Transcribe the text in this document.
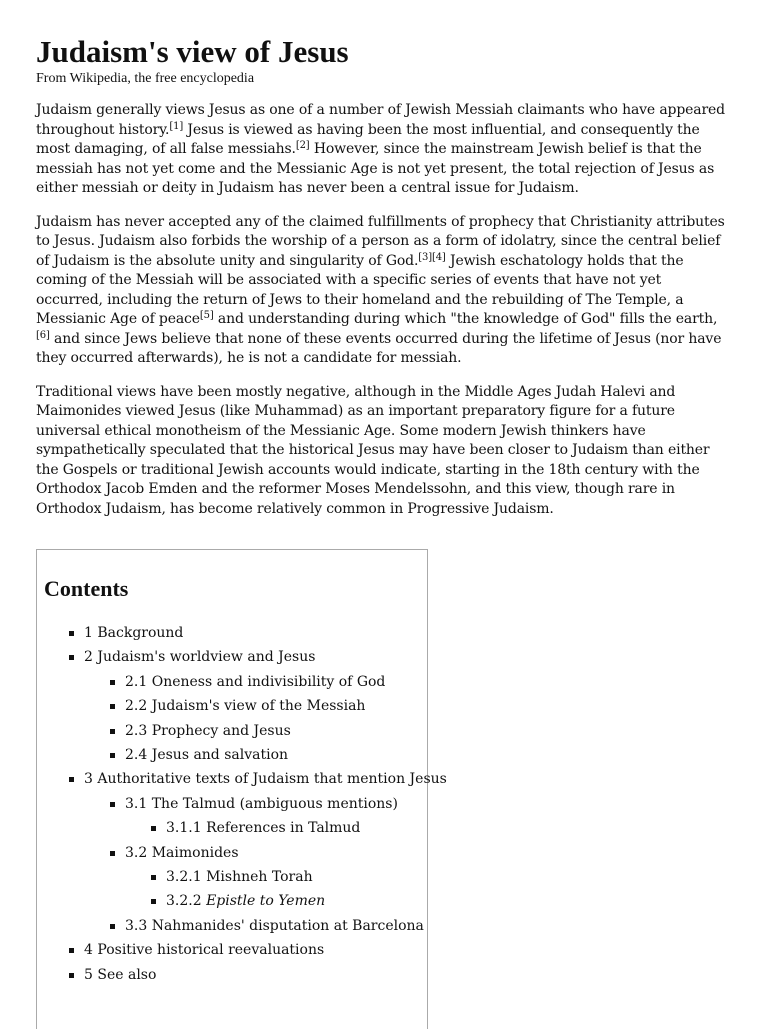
Judaism's view of Jesus
From Wikipedia, the free encyclopedia

Judaism generally views Jesus as one of a number of Jewish Messiah claimants who have appeared throughout history.[1] Jesus is viewed as having been the most influential, and consequently the most damaging, of all false messiahs.[2] However, since the mainstream Jewish belief is that the messiah has not yet come and the Messianic Age is not yet present, the total rejection of Jesus as either messiah or deity in Judaism has never been a central issue for Judaism.

Judaism has never accepted any of the claimed fulfillments of prophecy that Christianity attributes to Jesus. Judaism also forbids the worship of a person as a form of idolatry, since the central belief of Judaism is the absolute unity and singularity of God.[3][4] Jewish eschatology holds that the coming of the Messiah will be associated with a specific series of events that have not yet occurred, including the return of Jews to their homeland and the rebuilding of The Temple, a Messianic Age of peace[5] and understanding during which "the knowledge of God" fills the earth,[6] and since Jews believe that none of these events occurred during the lifetime of Jesus (nor have they occurred afterwards), he is not a candidate for messiah.

Traditional views have been mostly negative, although in the Middle Ages Judah Halevi and Maimonides viewed Jesus (like Muhammad) as an important preparatory figure for a future universal ethical monotheism of the Messianic Age. Some modern Jewish thinkers have sympathetically speculated that the historical Jesus may have been closer to Judaism than either the Gospels or traditional Jewish accounts would indicate, starting in the 18th century with the Orthodox Jacob Emden and the reformer Moses Mendelssohn, and this view, though rare in Orthodox Judaism, has become relatively common in Progressive Judaism.

Contents
1 Background
2 Judaism's worldview and Jesus
2.1 Oneness and indivisibility of God
2.2 Judaism's view of the Messiah
2.3 Prophecy and Jesus
2.4 Jesus and salvation
3 Authoritative texts of Judaism that mention Jesus
3.1 The Talmud (ambiguous mentions)
3.1.1 References in Talmud
3.2 Maimonides
3.2.1 Mishneh Torah
3.2.2 Epistle to Yemen
3.3 Nahmanides' disputation at Barcelona
4 Positive historical reevaluations
5 See also
